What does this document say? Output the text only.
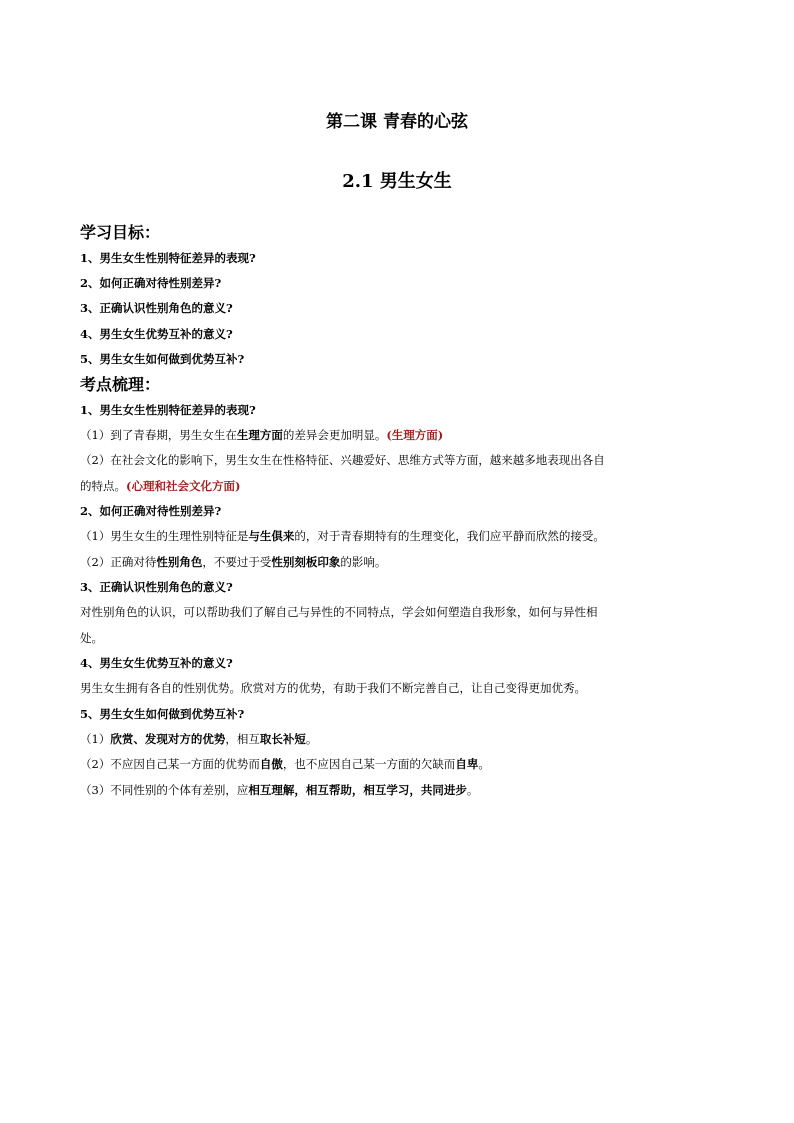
第二课 青春的心弦
2.1 男生女生
学习目标：
1、男生女生性别特征差异的表现?
2、如何正确对待性别差异?
3、正确认识性别角色的意义?
4、男生女生优势互补的意义?
5、男生女生如何做到优势互补?
考点梳理：
1、男生女生性别特征差异的表现?
（1）到了青春期，男生女生在生理方面的差异会更加明显。(生理方面)
（2）在社会文化的影响下，男生女生在性格特征、兴趣爱好、思维方式等方面，越来越多地表现出各自
的特点。(心理和社会文化方面)
2、如何正确对待性别差异?
（1）男生女生的生理性别特征是与生俱来的，对于青春期特有的生理变化，我们应平静而欣然的接受。
（2）正确对待性别角色，不要过于受性别刻板印象的影响。
3、正确认识性别角色的意义?
对性别角色的认识，可以帮助我们了解自己与异性的不同特点，学会如何塑造自我形象，如何与异性相
处。
4、男生女生优势互补的意义?
男生女生拥有各自的性别优势。欣赏对方的优势，有助于我们不断完善自己，让自己变得更加优秀。
5、男生女生如何做到优势互补?
（1）欣赏、发现对方的优势，相互取长补短。
（2）不应因自己某一方面的优势而自傲，也不应因自己某一方面的欠缺而自卑。
（3）不同性别的个体有差别，应相互理解，相互帮助，相互学习，共同进步。
